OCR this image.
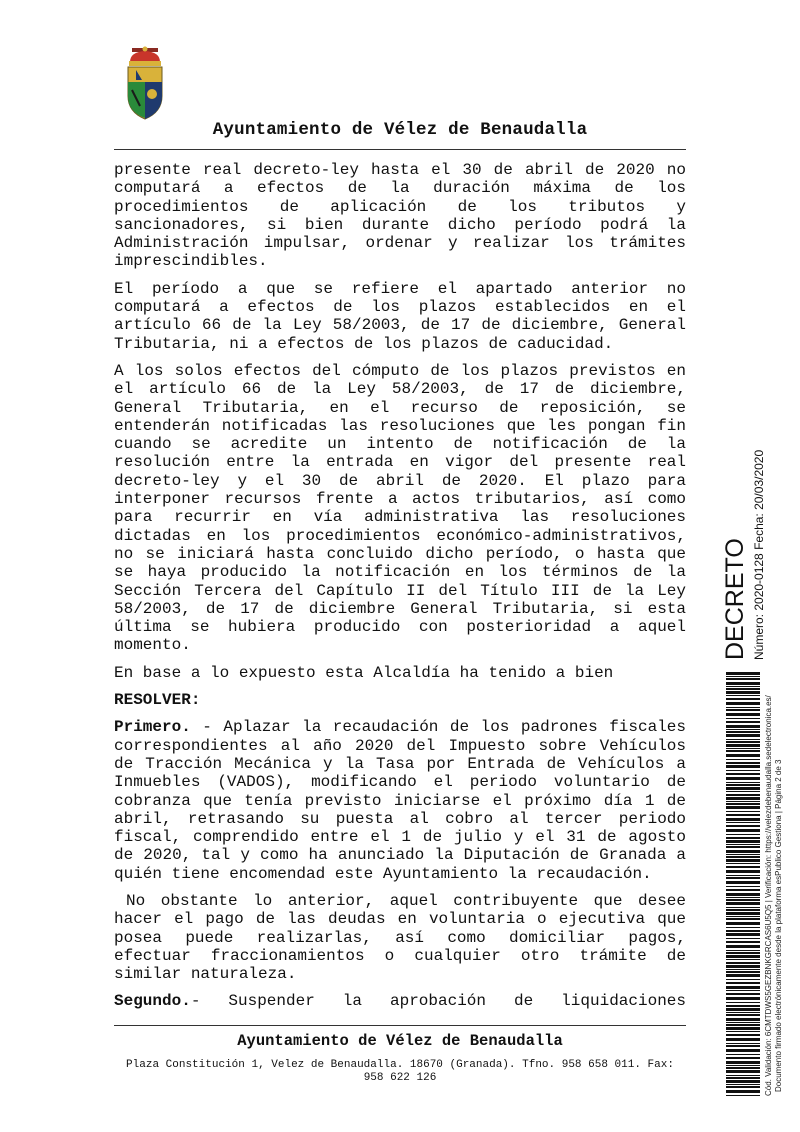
Ayuntamiento de Vélez de Benaudalla

presente real decreto-ley hasta el 30 de abril de 2020 no computará a efectos de la duración máxima de los procedimientos de aplicación de los tributos y sancionadores, si bien durante dicho período podrá la Administración impulsar, ordenar y realizar los trámites imprescindibles.

El período a que se refiere el apartado anterior no computará a efectos de los plazos establecidos en el artículo 66 de la Ley 58/2003, de 17 de diciembre, General Tributaria, ni a efectos de los plazos de caducidad.

A los solos efectos del cómputo de los plazos previstos en el artículo 66 de la Ley 58/2003, de 17 de diciembre, General Tributaria, en el recurso de reposición, se entenderán notificadas las resoluciones que les pongan fin cuando se acredite un intento de notificación de la resolución entre la entrada en vigor del presente real decreto-ley y el 30 de abril de 2020. El plazo para interponer recursos frente a actos tributarios, así como para recurrir en vía administrativa las resoluciones dictadas en los procedimientos económico-administrativos, no se iniciará hasta concluido dicho período, o hasta que se haya producido la notificación en los términos de la Sección Tercera del Capítulo II del Título III de la Ley 58/2003, de 17 de diciembre General Tributaria, si esta última se hubiera producido con posterioridad a aquel momento.

En base a lo expuesto esta Alcaldía ha tenido a bien

RESOLVER:

Primero. - Aplazar la recaudación de los padrones fiscales correspondientes al año 2020 del Impuesto sobre Vehículos de Tracción Mecánica y la Tasa por Entrada de Vehículos a Inmuebles (VADOS), modificando el periodo voluntario de cobranza que tenía previsto iniciarse el próximo día 1 de abril, retrasando su puesta al cobro al tercer periodo fiscal, comprendido entre el 1 de julio y el 31 de agosto de 2020, tal y como ha anunciado la Diputación de Granada a quién tiene encomendad este Ayuntamiento la recaudación.

No obstante lo anterior, aquel contribuyente que desee hacer el pago de las deudas en voluntaria o ejecutiva que posea puede realizarlas, así como domiciliar pagos, efectuar fraccionamientos o cualquier otro trámite de similar naturaleza.

Segundo.- Suspender la aprobación de liquidaciones

Ayuntamiento de Vélez de Benaudalla
Plaza Constitución 1, Velez de Benaudalla. 18670 (Granada). Tfno. 958 658 011. Fax: 958 622 126
DECRETO Número: 2020-0128 Fecha: 20/03/2020
Cód. Validación: 6CMTDWS5GEZBNKGRCAS6U5Q5 | Verificación: https://velezdebenaudalla.sedelectronica.es/ Documento firmado electrónicamente desde la plataforma esPublico Gestiona | Página 2 de 3
